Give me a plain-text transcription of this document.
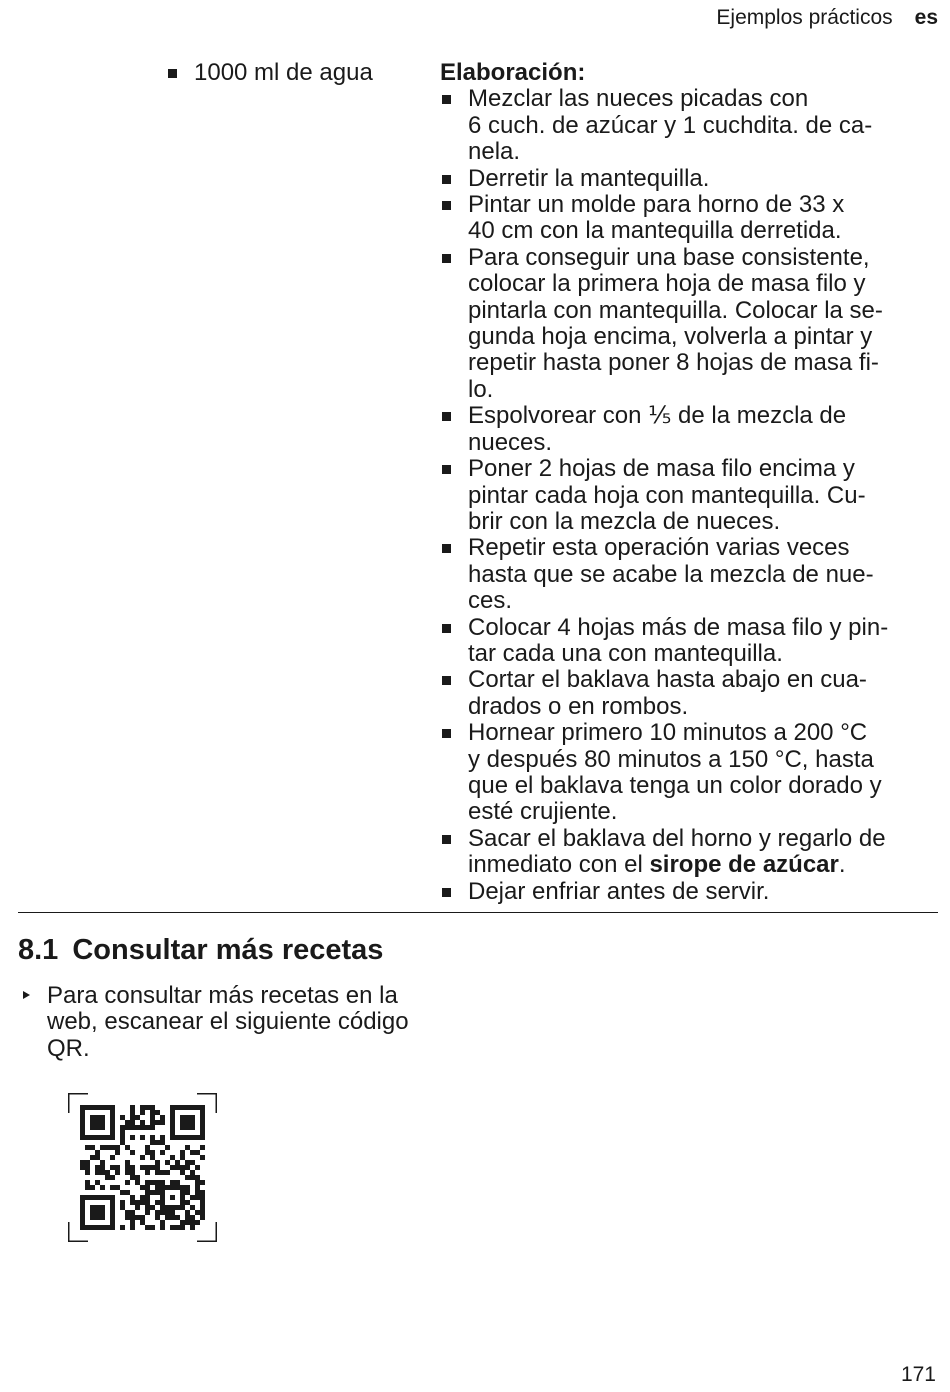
Ejemplos prácticos es
1000 ml de agua	Elaboración:
Mezclar las nueces picadas con
6 cuch. de azúcar y 1 cuchdita. de ca-
nela.
Derretir la mantequilla.
Pintar un molde para horno de 33 x
40 cm con la mantequilla derretida.
Para conseguir una base consistente,
colocar la primera hoja de masa filo y
pintarla con mantequilla. Colocar la se-
gunda hoja encima, volverla a pintar y
repetir hasta poner 8 hojas de masa fi-
lo.
Espolvorear con ⅕ de la mezcla de
nueces.
Poner 2 hojas de masa filo encima y
pintar cada hoja con mantequilla. Cu-
brir con la mezcla de nueces.
Repetir esta operación varias veces
hasta que se acabe la mezcla de nue-
ces.
Colocar 4 hojas más de masa filo y pin-
tar cada una con mantequilla.
Cortar el baklava hasta abajo en cua-
drados o en rombos.
Hornear primero 10 minutos a 200 °C
y después 80 minutos a 150 °C, hasta
que el baklava tenga un color dorado y
esté crujiente.
Sacar el baklava del horno y regarlo de
inmediato con el sirope de azúcar.
Dejar enfriar antes de servir.
8.1 Consultar más recetas
Para consultar más recetas en la
web, escanear el siguiente código
QR.
171
